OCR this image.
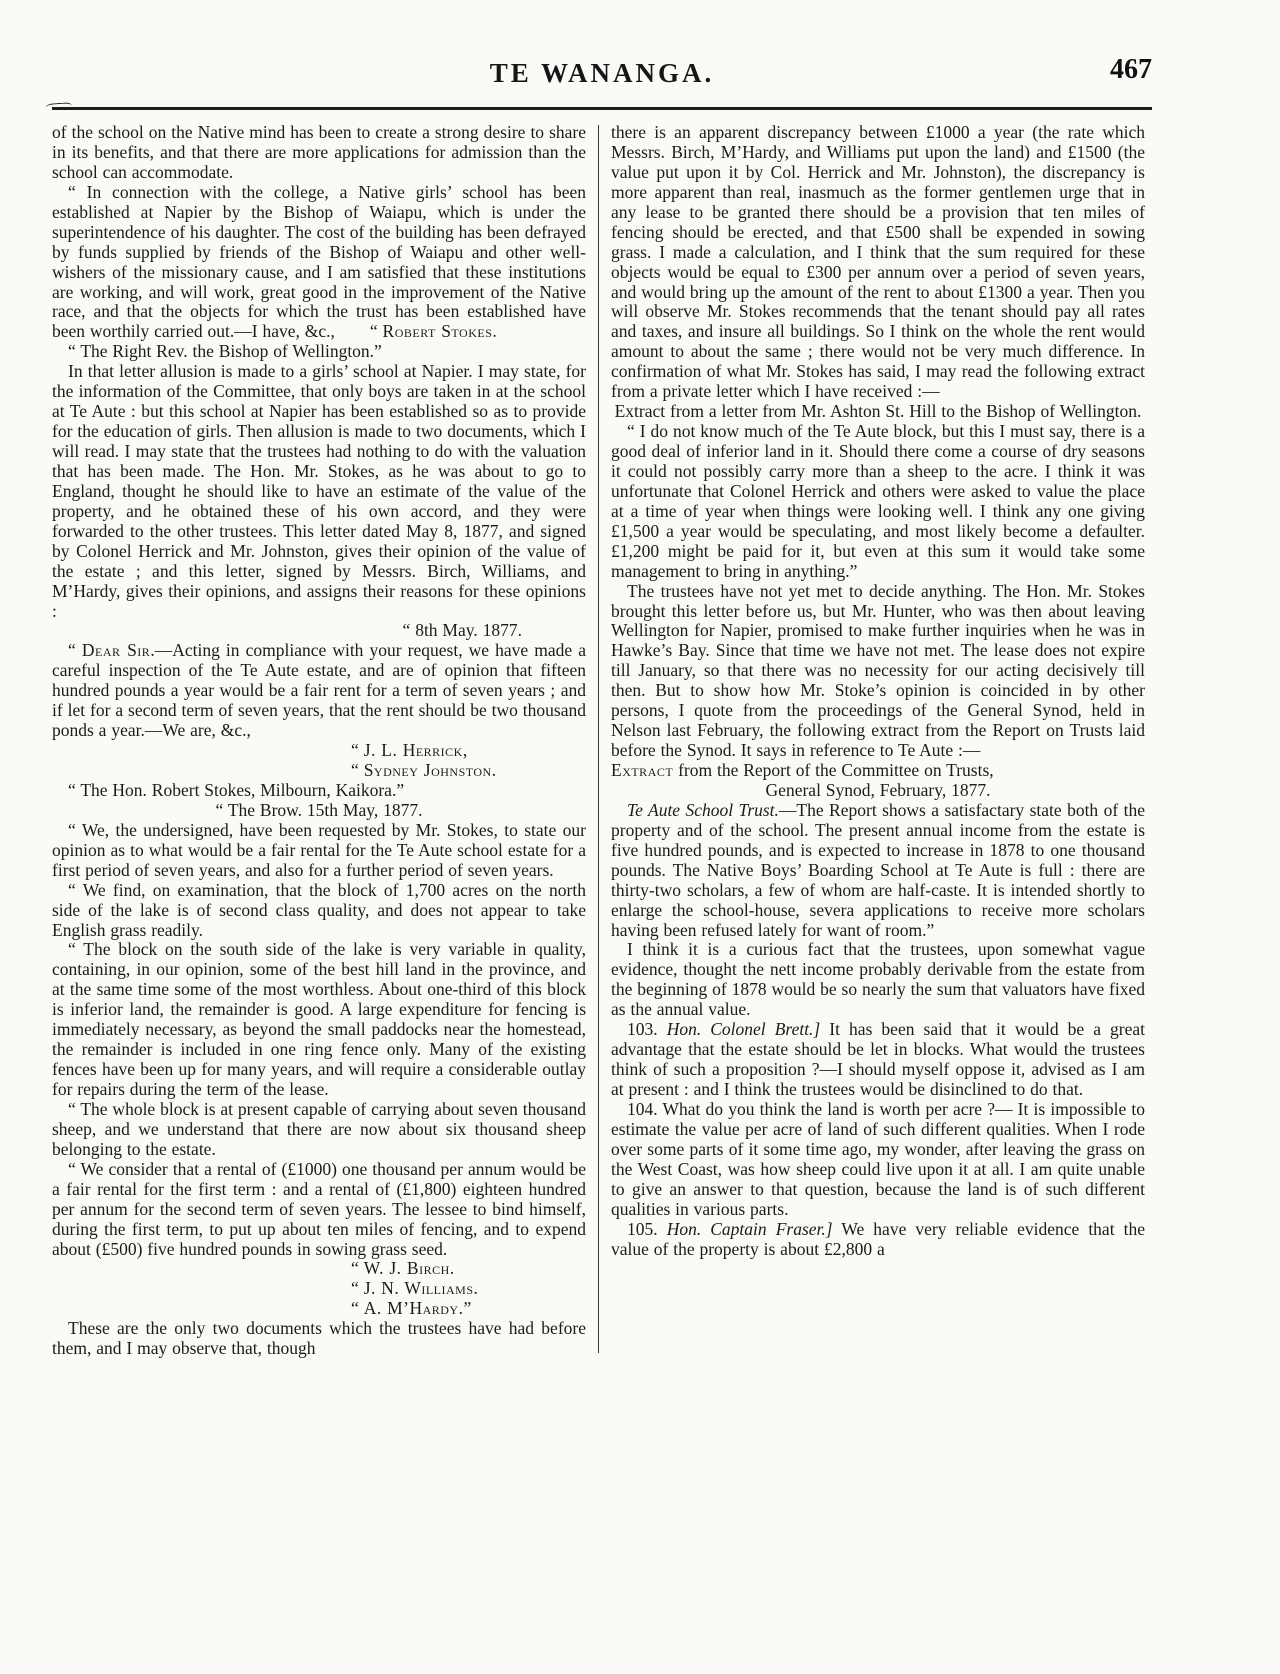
TE WANANGA.	467

of the school on the Native mind has been to create a strong desire to share in its benefits, and that there are more applications for admission than the school can accommodate.

“ In connection with the college, a Native girls’ school has been established at Napier by the Bishop of Waiapu, which is under the superintendence of his daughter. The cost of the building has been defrayed by funds supplied by friends of the Bishop of Waiapu and other well-wishers of the missionary cause, and I am satisfied that these institutions are working, and will work, great good in the improvement of the Native race, and that the objects for which the trust has been established have been worthily carried out.—I have, &c.,    “ Robert Stokes.

“ The Right Rev. the Bishop of Wellington.”

In that letter allusion is made to a girls’ school at Napier. I may state, for the information of the Committee, that only boys are taken in at the school at Te Aute : but this school at Napier has been established so as to provide for the education of girls. Then allusion is made to two documents, which I will read. I may state that the trustees had nothing to do with the valuation that has been made. The Hon. Mr. Stokes, as he was about to go to England, thought he should like to have an estimate of the value of the property, and he obtained these of his own accord, and they were forwarded to the other trustees. This letter dated May 8, 1877, and signed by Colonel Herrick and Mr. Johnston, gives their opinion of the value of the estate ; and this letter, signed by Messrs. Birch, Williams, and M’Hardy, gives their opinions, and assigns their reasons for these opinions :

“ 8th May. 1877.

“ Dear Sir.—Acting in compliance with your request, we have made a careful inspection of the Te Aute estate, and are of opinion that fifteen hundred pounds a year would be a fair rent for a term of seven years ; and if let for a second term of seven years, that the rent should be two thousand ponds a year.—We are, &c.,

“ J. L. Herrick,

“ Sydney Johnston.

“ The Hon. Robert Stokes, Milbourn, Kaikora.”

“ The Brow. 15th May, 1877.

“ We, the undersigned, have been requested by Mr. Stokes, to state our opinion as to what would be a fair rental for the Te Aute school estate for a first period of seven years, and also for a further period of seven years.

“ We find, on examination, that the block of 1,700 acres on the north side of the lake is of second class quality, and does not appear to take English grass readily.

“ The block on the south side of the lake is very variable in quality, containing, in our opinion, some of the best hill land in the province, and at the same time some of the most worthless. About one-third of this block is inferior land, the remainder is good. A large expenditure for fencing is immediately necessary, as beyond the small paddocks near the homestead, the remainder is included in one ring fence only. Many of the existing fences have been up for many years, and will require a considerable outlay for repairs during the term of the lease.

“ The whole block is at present capable of carrying about seven thousand sheep, and we understand that there are now about six thousand sheep belonging to the estate.

“ We consider that a rental of (£1000) one thousand per annum would be a fair rental for the first term : and a rental of (£1,800) eighteen hundred per annum for the second term of seven years. The lessee to bind himself, during the first term, to put up about ten miles of fencing, and to expend about (£500) five hundred pounds in sowing grass seed.

“ W. J. Birch.

“ J. N. Williams.

“ A. M’Hardy.”

These are the only two documents which the trustees have had before them, and I may observe that, though

there is an apparent discrepancy between £1000 a year (the rate which Messrs. Birch, M’Hardy, and Williams put upon the land) and £1500 (the value put upon it by Col. Herrick and Mr. Johnston), the discrepancy is more apparent than real, inasmuch as the former gentlemen urge that in any lease to be granted there should be a provision that ten miles of fencing should be erected, and that £500 shall be expended in sowing grass. I made a calculation, and I think that the sum required for these objects would be equal to £300 per annum over a period of seven years, and would bring up the amount of the rent to about £1300 a year. Then you will observe Mr. Stokes recommends that the tenant should pay all rates and taxes, and insure all buildings. So I think on the whole the rent would amount to about the same ; there would not be very much difference. In confirmation of what Mr. Stokes has said, I may read the following extract from a private letter which I have received :—

Extract from a letter from Mr. Ashton St. Hill to the Bishop of Wellington.

“ I do not know much of the Te Aute block, but this I must say, there is a good deal of inferior land in it. Should there come a course of dry seasons it could not possibly carry more than a sheep to the acre. I think it was unfortunate that Colonel Herrick and others were asked to value the place at a time of year when things were looking well. I think any one giving £1,500 a year would be speculating, and most likely become a defaulter. £1,200 might be paid for it, but even at this sum it would take some management to bring in anything.”

The trustees have not yet met to decide anything. The Hon. Mr. Stokes brought this letter before us, but Mr. Hunter, who was then about leaving Wellington for Napier, promised to make further inquiries when he was in Hawke’s Bay. Since that time we have not met. The lease does not expire till January, so that there was no necessity for our acting decisively till then. But to show how Mr. Stoke’s opinion is coincided in by other persons, I quote from the proceedings of the General Synod, held in Nelson last February, the following extract from the Report on Trusts laid before the Synod. It says in reference to Te Aute :—

Extract from the Report of the Committee on Trusts,

General Synod, February, 1877.

Te Aute School Trust.—The Report shows a satisfactary state both of the property and of the school. The present annual income from the estate is five hundred pounds, and is expected to increase in 1878 to one thousand pounds. The Native Boys’ Boarding School at Te Aute is full : there are thirty-two scholars, a few of whom are half-caste. It is intended shortly to enlarge the school-house, severa applications to receive more scholars having been refused lately for want of room.”

I think it is a curious fact that the trustees, upon somewhat vague evidence, thought the nett income probably derivable from the estate from the beginning of 1878 would be so nearly the sum that valuators have fixed as the annual value.

103. Hon. Colonel Brett.] It has been said that it would be a great advantage that the estate should be let in blocks. What would the trustees think of such a proposition ?—I should myself oppose it, advised as I am at present : and I think the trustees would be disinclined to do that.

104. What do you think the land is worth per acre ?— It is impossible to estimate the value per acre of land of such different qualities. When I rode over some parts of it some time ago, my wonder, after leaving the grass on the West Coast, was how sheep could live upon it at all. I am quite unable to give an answer to that question, because the land is of such different qualities in various parts.

105. Hon. Captain Fraser.] We have very reliable evidence that the value of the property is about £2,800 a
